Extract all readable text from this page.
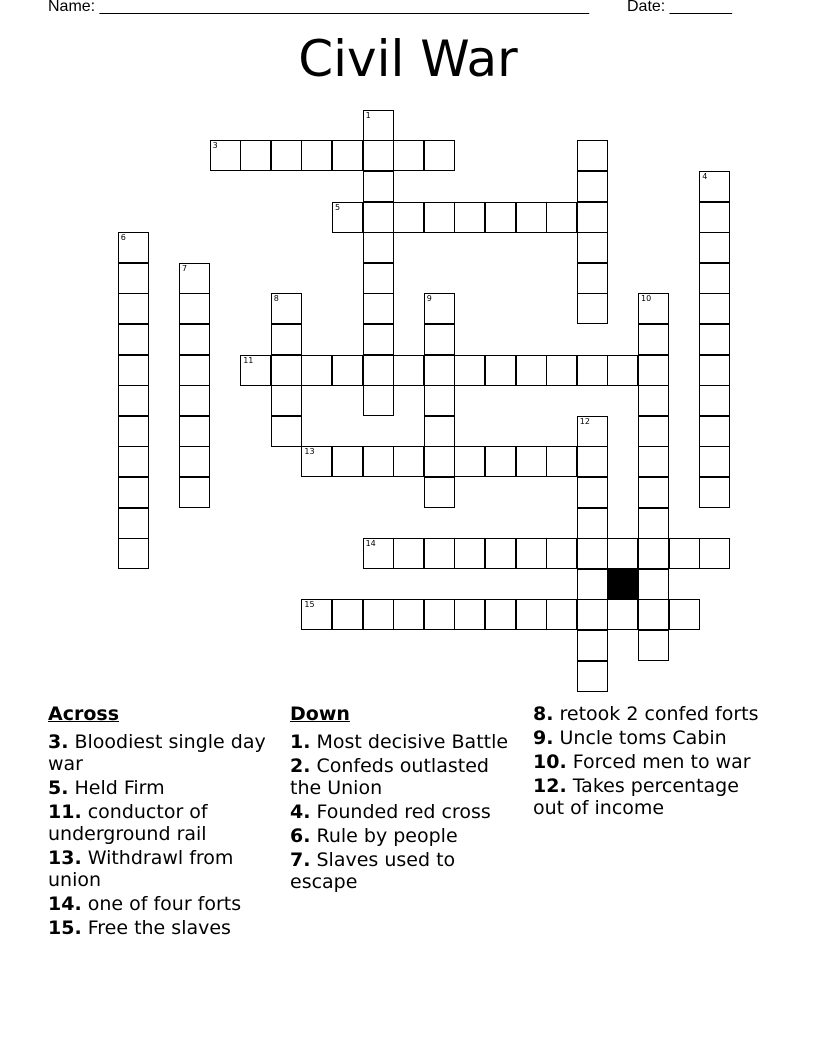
Name: _______________________________________________________ Date: _______
Civil War
1
3
4
5
6
7
8	9	10
11
12
13
14
15
Across
3. Bloodiest single day war
5. Held Firm
11. conductor of underground rail
13. Withdrawl from union
14. one of four forts
15. Free the slaves
Down
1. Most decisive Battle
2. Confeds outlasted the Union
4. Founded red cross
6. Rule by people
7. Slaves used to escape
8. retook 2 confed forts
9. Uncle toms Cabin
10. Forced men to war
12. Takes percentage out of income
